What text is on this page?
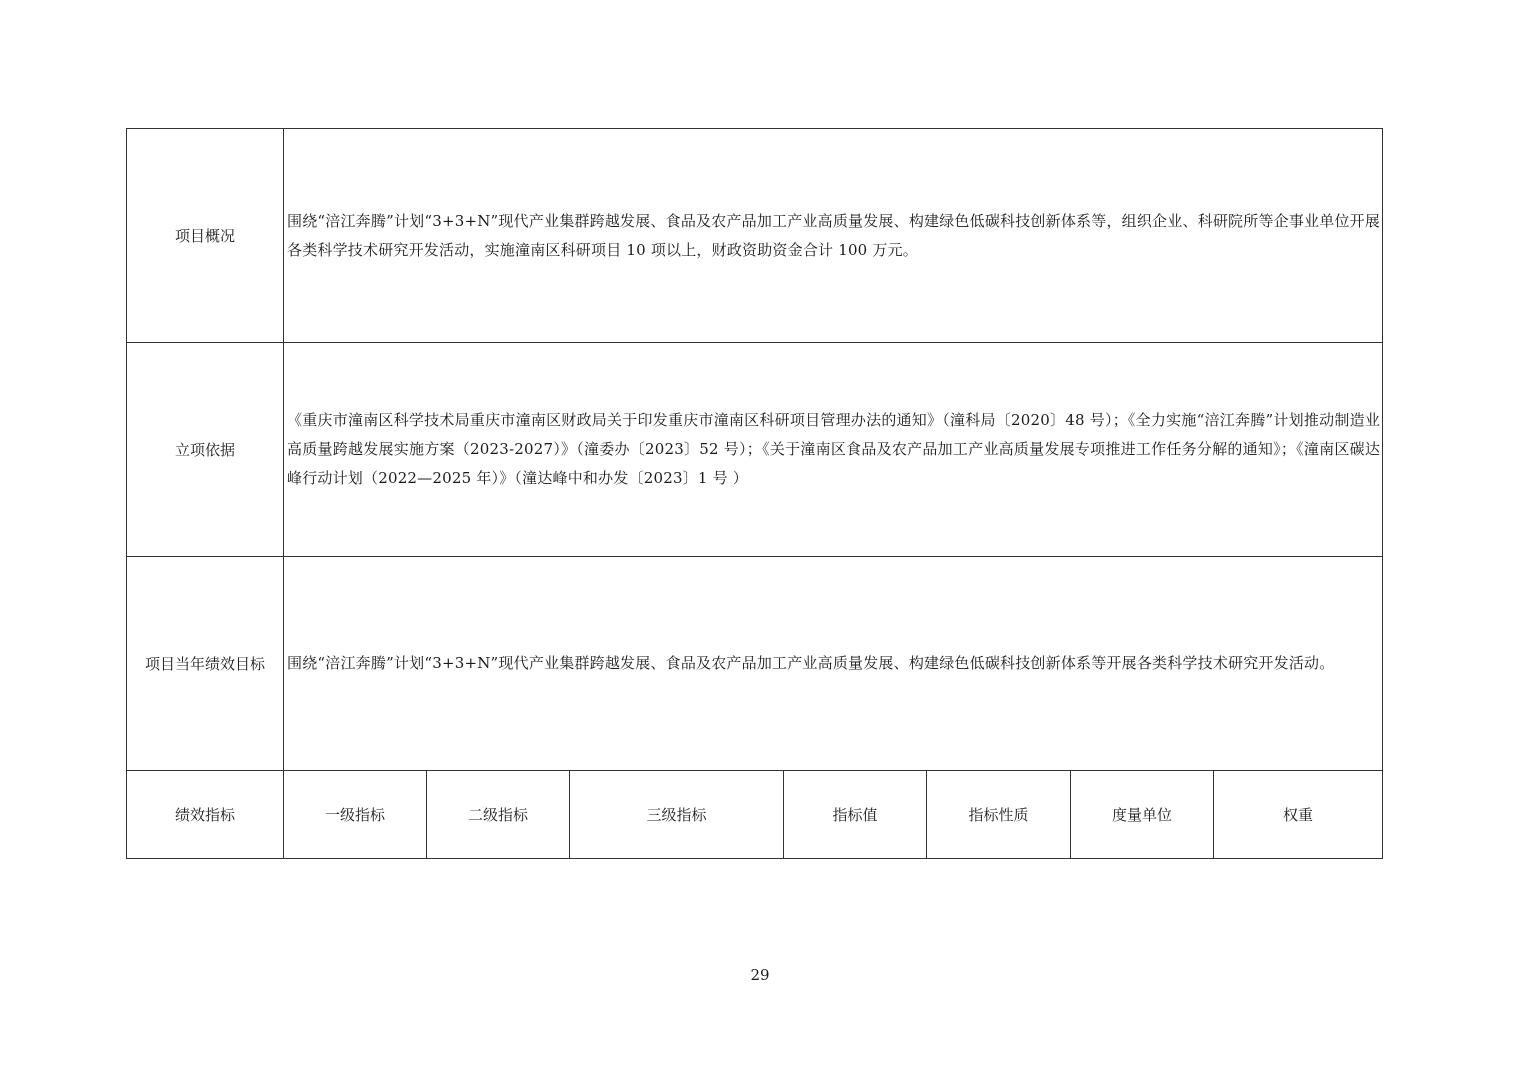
项目概况	围绕“涪江奔腾”计划“3+3+N”现代产业集群跨越发展、食品及农产品加工产业高质量发展、构建绿色低碳科技创新体系等，组织企业、科研院所等企事业单位开展各类科学技术研究开发活动，实施潼南区科研项目 10 项以上，财政资助资金合计 100 万元。						
立项依据	《重庆市潼南区科学技术局重庆市潼南区财政局关于印发重庆市潼南区科研项目管理办法的通知》（潼科局〔2020〕48 号）；《全力实施“涪江奔腾”计划推动制造业高质量跨越发展实施方案（2023-2027）》（潼委办〔2023〕52 号）；《关于潼南区食品及农产品加工产业高质量发展专项推进工作任务分解的通知》；《潼南区碳达峰行动计划（2022—2025 年）》（潼达峰中和办发〔2023〕1 号 ）						
项目当年绩效目标	围绕“涪江奔腾”计划“3+3+N”现代产业集群跨越发展、食品及农产品加工产业高质量发展、构建绿色低碳科技创新体系等开展各类科学技术研究开发活动。						
绩效指标	一级指标	二级指标	三级指标	指标值	指标性质	度量单位	权重
29
